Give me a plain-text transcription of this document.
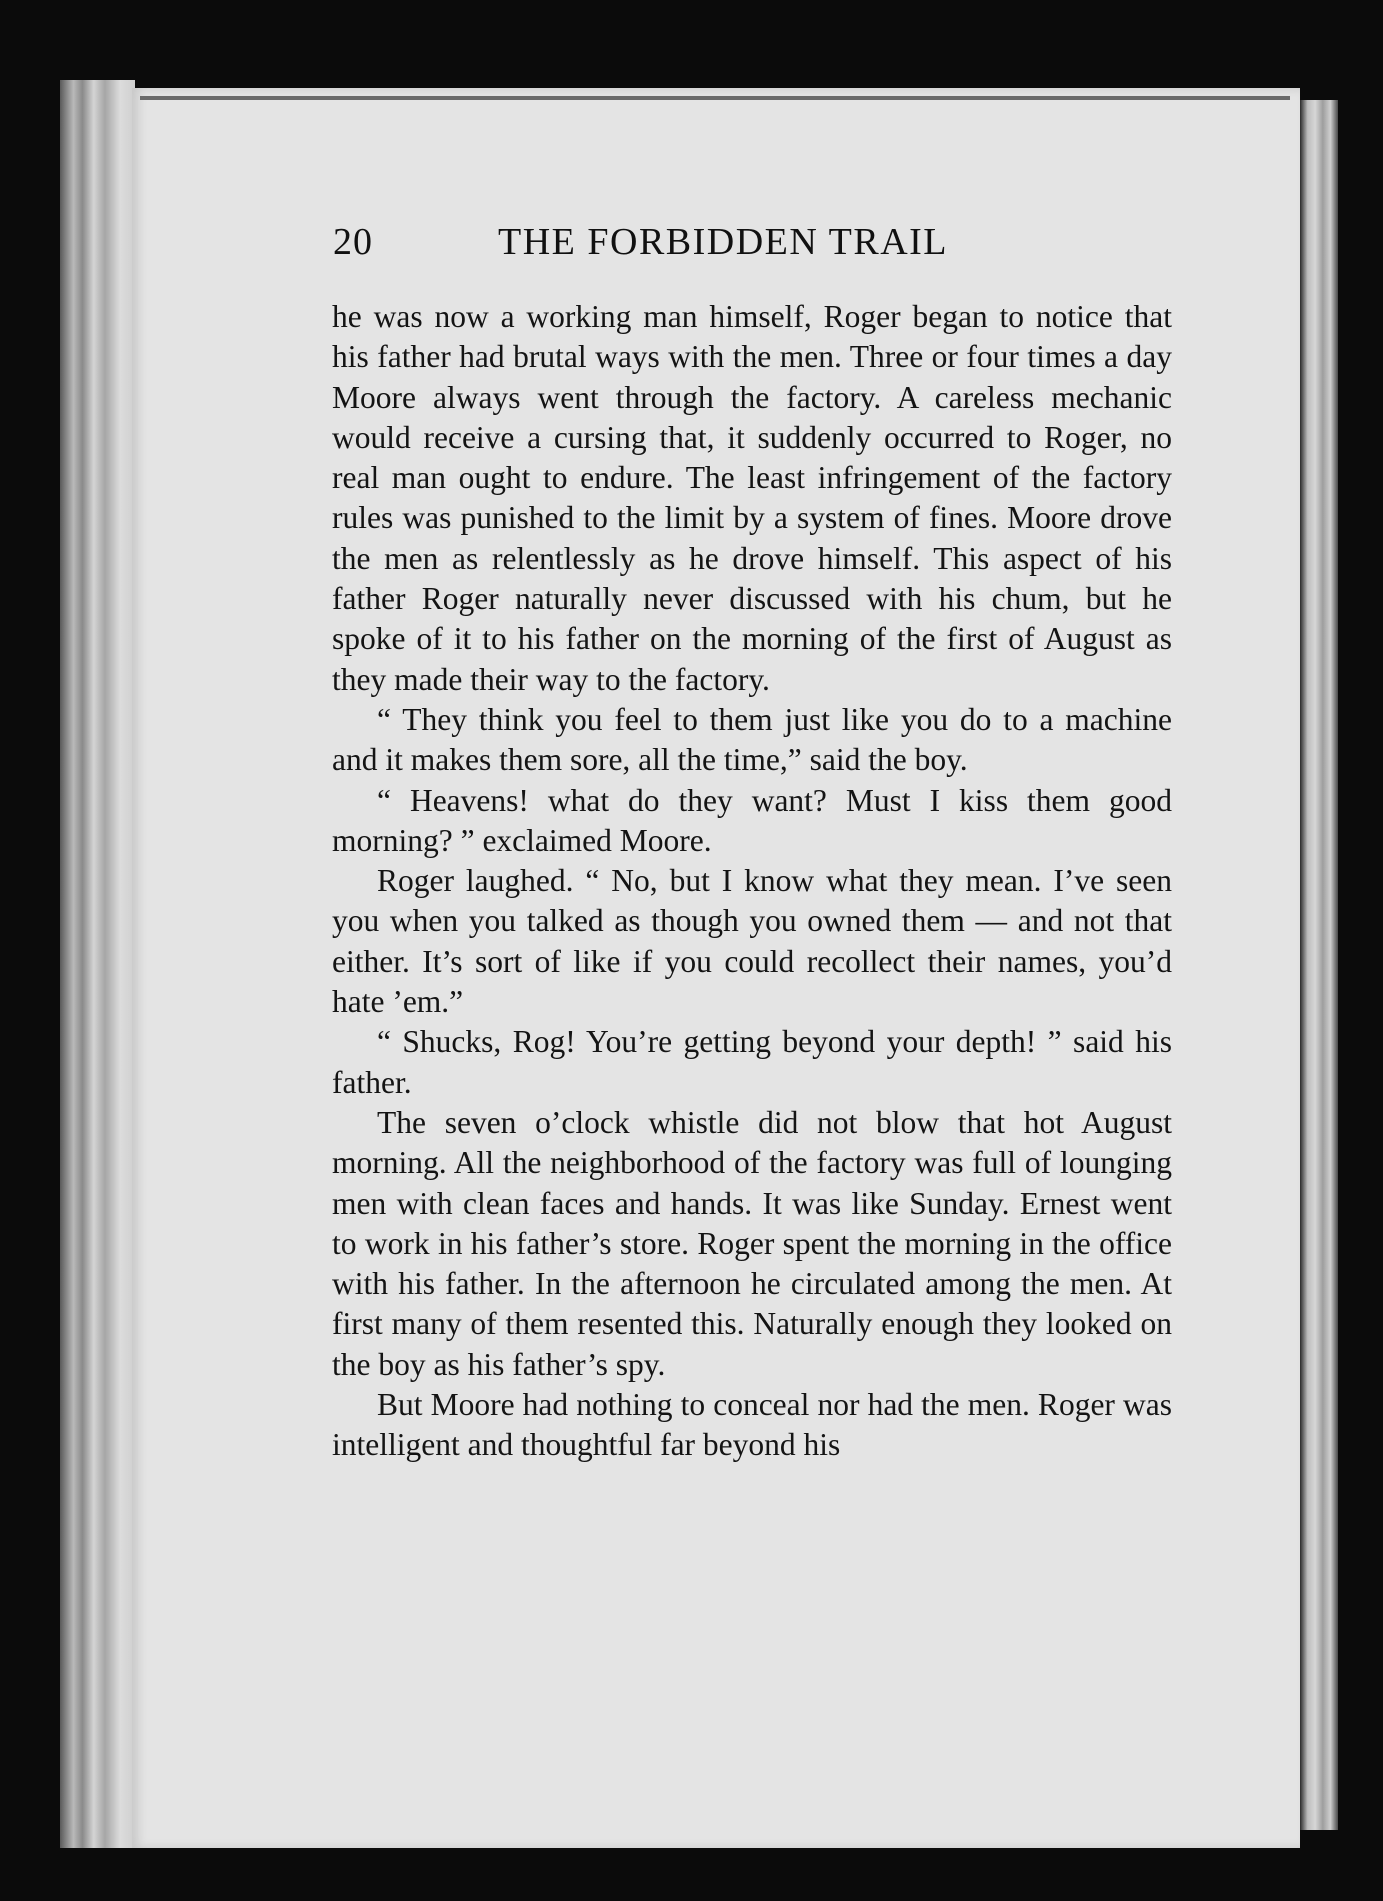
20	THE FORBIDDEN TRAIL

he was now a working man himself, Roger began to notice that his father had brutal ways with the men. Three or four times a day Moore always went through the factory. A careless mechanic would receive a cursing that, it suddenly occurred to Roger, no real man ought to endure. The least infringement of the factory rules was punished to the limit by a system of fines. Moore drove the men as relentlessly as he drove himself. This aspect of his father Roger naturally never discussed with his chum, but he spoke of it to his father on the morning of the first of August as they made their way to the factory.

“ They think you feel to them just like you do to a machine and it makes them sore, all the time,” said the boy.

“ Heavens! what do they want? Must I kiss them good morning? ” exclaimed Moore.

Roger laughed. “ No, but I know what they mean. I’ve seen you when you talked as though you owned them — and not that either. It’s sort of like if you could recollect their names, you’d hate ’em.”

“ Shucks, Rog! You’re getting beyond your depth! ” said his father.

The seven o’clock whistle did not blow that hot August morning. All the neighborhood of the factory was full of lounging men with clean faces and hands. It was like Sunday. Ernest went to work in his father’s store. Roger spent the morning in the office with his father. In the afternoon he circulated among the men. At first many of them resented this. Naturally enough they looked on the boy as his father’s spy.

But Moore had nothing to conceal nor had the men. Roger was intelligent and thoughtful far beyond his
